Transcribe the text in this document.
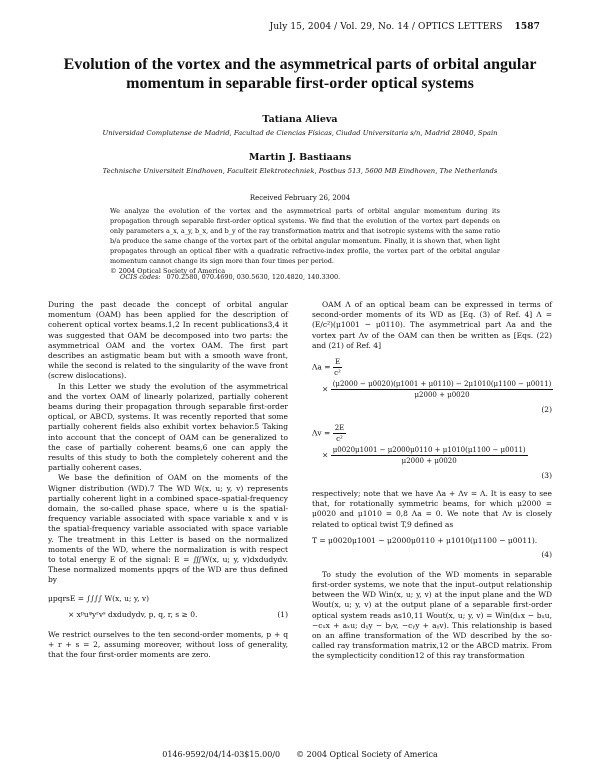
July 15, 2004 / Vol. 29, No. 14 / OPTICS LETTERS 1587
Evolution of the vortex and the asymmetrical parts of orbital angular momentum in separable first-order optical systems
Tatiana Alieva
Universidad Complutense de Madrid, Facultad de Ciencias Físicas, Ciudad Universitaria s/n, Madrid 28040, Spain
Martin J. Bastiaans
Technische Universiteit Eindhoven, Faculteit Elektrotechniek, Postbus 513, 5600 MB Eindhoven, The Netherlands
Received February 26, 2004
We analyze the evolution of the vortex and the asymmetrical parts of orbital angular momentum during its propagation through separable first-order optical systems. We find that the evolution of the vortex part depends on only parameters a_x, a_y, b_x, and b_y of the ray transformation matrix and that isotropic systems with the same ratio b/a produce the same change of the vortex part of the orbital angular momentum. Finally, it is shown that, when light propagates through an optical fiber with a quadratic refractive-index profile, the vortex part of the orbital angular momentum cannot change its sign more than four times per period.
© 2004 Optical Society of America
OCIS codes: 070.2580, 070.4690, 030.5630, 120.4820, 140.3300.

During the past decade the concept of orbital angular momentum (OAM) has been applied for the description of coherent optical vortex beams.1,2 In recent publications3,4 it was suggested that OAM be decomposed into two parts: the asymmetrical OAM and the vortex OAM. The first part describes an astigmatic beam but with a smooth wave front, while the second is related to the singularity of the wave front (screw dislocations).

In this Letter we study the evolution of the asymmetrical and the vortex OAM of linearly polarized, partially coherent beams during their propagation through separable first-order optical, or ABCD, systems. It was recently reported that some partially coherent fields also exhibit vortex behavior.5 Taking into account that the concept of OAM can be generalized to the case of partially coherent beams,6 one can apply the results of this study to both the completely coherent and the partially coherent cases.

We base the definition of OAM on the moments of the Wigner distribution (WD).7 The WD W(x, u; y, v) represents partially coherent light in a combined space–spatial-frequency domain, the so-called phase space, where u is the spatial-frequency variable associated with space variable x and v is the spatial-frequency variable associated with space variable y. The treatment in this Letter is based on the normalized moments of the WD, where the normalization is with respect to total energy E of the signal: E = ∭W(x, u; y, v)dxdudydv. These normalized moments μpqrs of the WD are thus defined by

μpqrsE = ∫∫∫∫ W(x, u; y, v)
× xᵖuᵠyʳvˢ dxdudydv, p, q, r, s ≥ 0.	(1)

We restrict ourselves to the ten second-order moments, p + q + r + s = 2, assuming moreover, without loss of generality, that the four first-order moments are zero.

OAM Λ of an optical beam can be expressed in terms of second-order moments of its WD as [Eq. (3) of Ref. 4] Λ = (E/c²)(μ1001 − μ0110). The asymmetrical part Λa and the vortex part Λv of the OAM can then be written as [Eqs. (22) and (21) of Ref. 4]

$\Lambda a = \frac{E}{\text{c²}}$
× $\frac{(\mu 2000 - \mu 0020)(\mu 1001 + \mu 0110) - 2\mu 1010(\mu 1100 - \mu 0011)}{\mu 2000 + \mu 0020}$
(2)
$\Lambda v = \frac{2E}{\text{c²}}$
× $\frac{\mu 0020\mu 1001 - \mu 2000\mu 0110 + \mu 1010(\mu 1100 - \mu 0011)}{\mu 2000 + \mu 0020}$
(3)

respectively; note that we have Λa + Λv = Λ. It is easy to see that, for rotationally symmetric beams, for which μ2000 = μ0020 and μ1010 = 0,8 Λa = 0. We note that Λv is closely related to optical twist T,9 defined as

T = μ0020μ1001 − μ2000μ0110 + μ1010(μ1100 − μ0011).
(4)

To study the evolution of the WD moments in separable first-order systems, we note that the input–output relationship between the WD Win(x, u; y, v) at the input plane and the WD Wout(x, u; y, v) at the output plane of a separable first-order optical system reads as10,11 Wout(x, u; y, v) = Win(dₓx − bₓu, −cₓx + aₓu; dᵧy − bᵧv, −cᵧy + aᵧv). This relationship is based on an affine transformation of the WD described by the so-called ray transformation matrix,12 or the ABCD matrix. From the symplecticity condition12 of this ray transformation

0146-9592/04/14-03$15.00/0 © 2004 Optical Society of America
